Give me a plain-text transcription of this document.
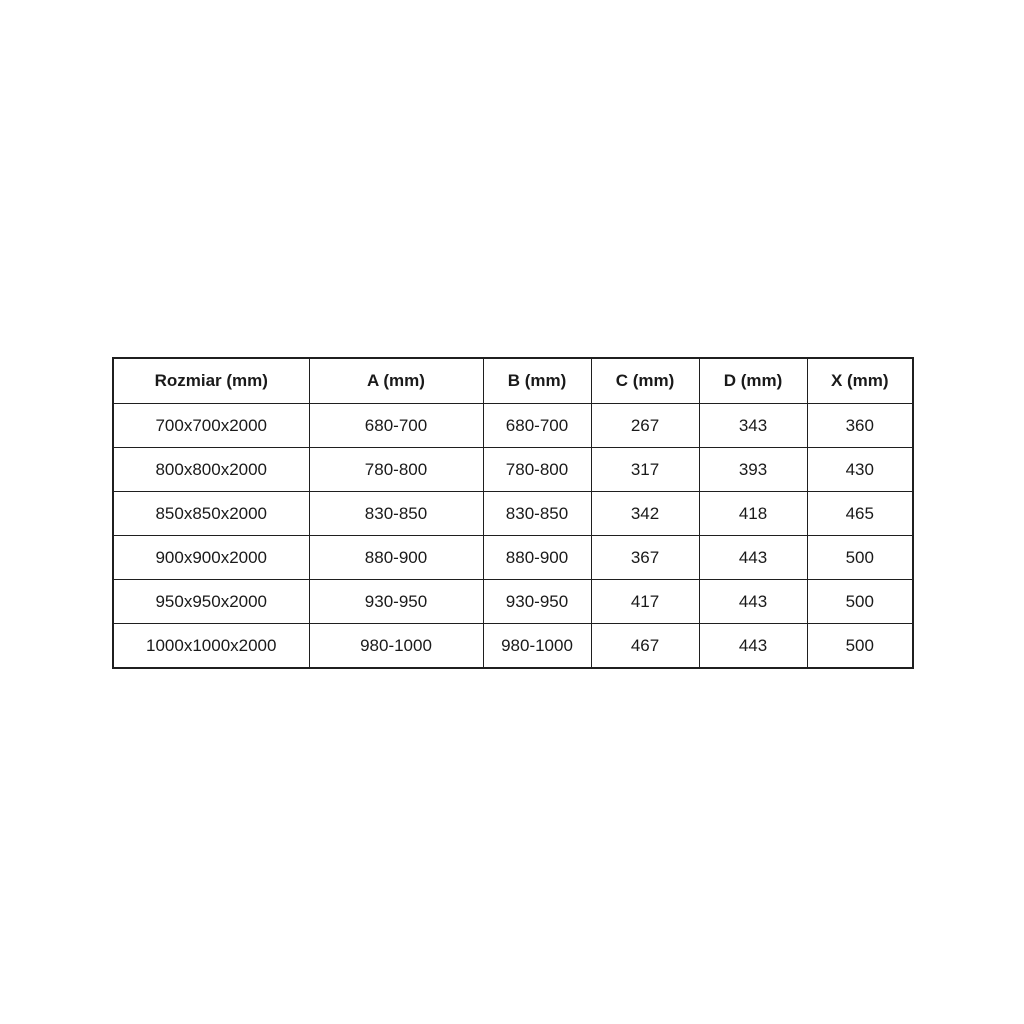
Rozmiar (mm)	A (mm)	B (mm)	C (mm)	D (mm)	X (mm)
700x700x2000	680-700	680-700	267	343	360
800x800x2000	780-800	780-800	317	393	430
850x850x2000	830-850	830-850	342	418	465
900x900x2000	880-900	880-900	367	443	500
950x950x2000	930-950	930-950	417	443	500
1000x1000x2000	980-1000	980-1000	467	443	500
